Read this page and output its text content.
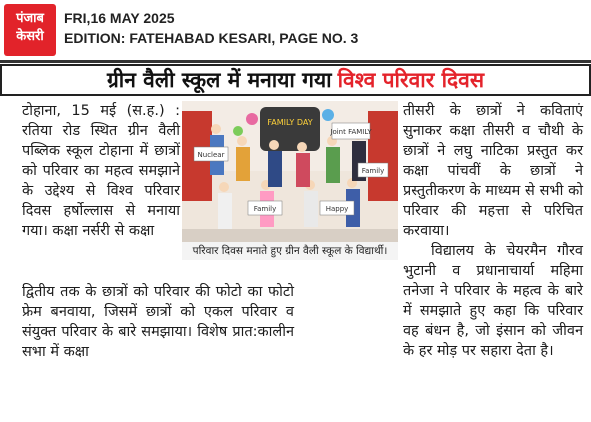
पंजाब
केसरी
FRI,16 MAY 2025
EDITION: FATEHABAD KESARI, PAGE NO. 3
ग्रीन वैली स्कूल में मनाया गया विश्व परिवार दिवस

टोहाना, 15 मई (स.ह.) : रतिया रोड स्थित ग्रीन वैली पब्लिक स्कूल टोहाना में छात्रों को परिवार का महत्व समझाने के उद्देश्य से विश्व परिवार दिवस हर्षोल्लास से मनाया गया। कक्षा नर्सरी से कक्षा

FAMILY DAY
Joint FAMILY
Nuclear
Family	Happy
Family
परिवार दिवस मनाते हुए ग्रीन वैली स्कूल के विद्यार्थी।

तीसरी के छात्रों ने कविताएं सुनाकर कक्षा तीसरी व चौथी के छात्रों ने लघु नाटिका प्रस्तुत कर कक्षा पांचवीं के छात्रों ने प्रस्तुतीकरण के माध्यम से सभी को परिवार की महत्ता से परिचित करवाया।

विद्यालय के चेयरमैन गौरव भुटानी व प्रधानाचार्या महिमा तनेजा ने परिवार के महत्व के बारे में समझाते हुए कहा कि परिवार वह बंधन है, जो इंसान को जीवन के हर मोड़ पर सहारा देता है।

द्वितीय तक के छात्रों को परिवार की फोटो का फोटो फ्रेम बनवाया, जिसमें छात्रों को एकल परिवार व संयुक्त परिवार के बारे समझाया। विशेष प्रात:कालीन सभा में कक्षा
